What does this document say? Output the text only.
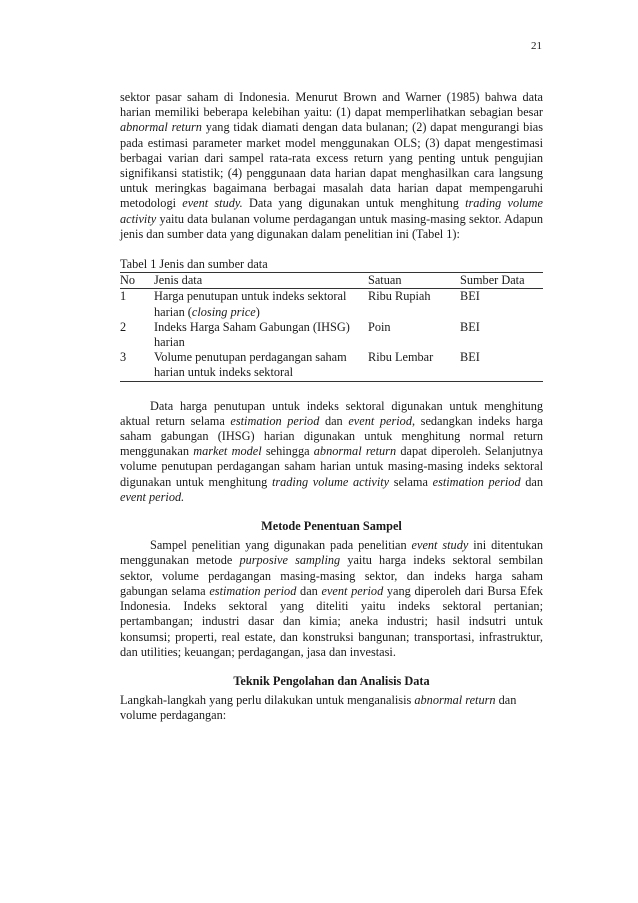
21

sektor pasar saham di Indonesia. Menurut Brown and Warner (1985) bahwa data harian memiliki beberapa kelebihan yaitu: (1) dapat memperlihatkan sebagian besar abnormal return yang tidak diamati dengan data bulanan; (2) dapat mengurangi bias pada estimasi parameter market model menggunakan OLS; (3) dapat mengestimasi berbagai varian dari sampel rata-rata excess return yang penting untuk pengujian signifikansi statistik; (4) penggunaan data harian dapat menghasilkan cara langsung untuk meringkas bagaimana berbagai masalah data harian dapat mempengaruhi metodologi event study. Data yang digunakan untuk menghitung trading volume activity yaitu data bulanan volume perdagangan untuk masing-masing sektor. Adapun jenis dan sumber data yang digunakan dalam penelitian ini (Tabel 1):

Tabel 1 Jenis dan sumber data

No	Jenis data	Satuan	Sumber Data
1	Harga penutupan untuk indeks sektoral harian (closing price)	Ribu Rupiah	BEI
2	Indeks Harga Saham Gabungan (IHSG) harian	Poin	BEI
3	Volume penutupan perdagangan saham harian untuk indeks sektoral	Ribu Lembar	BEI

Data harga penutupan untuk indeks sektoral digunakan untuk menghitung aktual return selama estimation period dan event period, sedangkan indeks harga saham gabungan (IHSG) harian digunakan untuk menghitung normal return menggunakan market model sehingga abnormal return dapat diperoleh. Selanjutnya volume penutupan perdagangan saham harian untuk masing-masing indeks sektoral digunakan untuk menghitung trading volume activity selama estimation period dan event period.

Metode Penentuan Sampel

Sampel penelitian yang digunakan pada penelitian event study ini ditentukan menggunakan metode purposive sampling yaitu harga indeks sektoral sembilan sektor, volume perdagangan masing-masing sektor, dan indeks harga saham gabungan selama estimation period dan event period yang diperoleh dari Bursa Efek Indonesia. Indeks sektoral yang diteliti yaitu indeks sektoral pertanian; pertambangan; industri dasar dan kimia; aneka industri; hasil indsutri untuk konsumsi; properti, real estate, dan konstruksi bangunan; transportasi, infrastruktur, dan utilities; keuangan; perdagangan, jasa dan investasi.

Teknik Pengolahan dan Analisis Data

Langkah-langkah yang perlu dilakukan untuk menganalisis abnormal return dan volume perdagangan:
